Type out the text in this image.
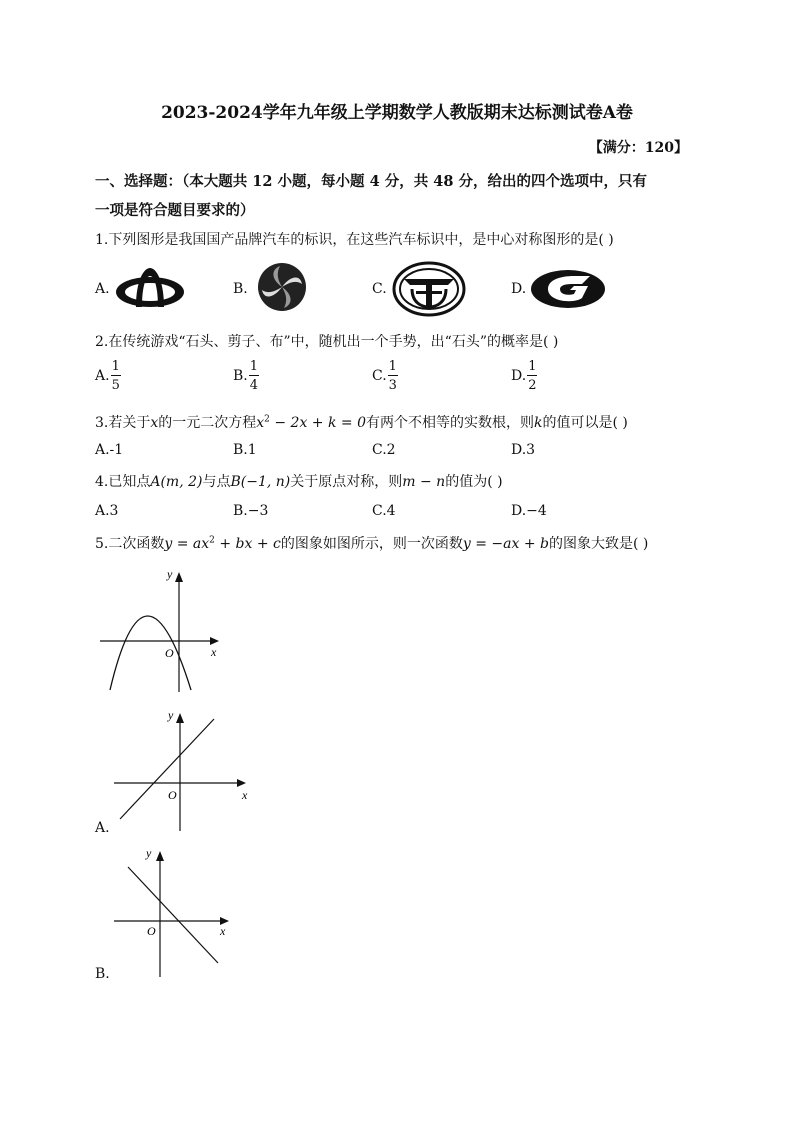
2023-2024学年九年级上学期数学人教版期末达标测试卷A卷
【满分：120】
一、选择题：（本大题共 12 小题，每小题 4 分，共 48 分，给出的四个选项中，只有
一项是符合题目要求的）
1.下列图形是我国国产品牌汽车的标识，在这些汽车标识中，是中心对称图形的是( )
A.	B.	C.	D.
2.在传统游戏“石头、剪子、布”中，随机出一个手势，出“石头”的概率是( )
A. $\frac{1}{5}$	B. $\frac{1}{4}$	C. $\frac{1}{3}$	D. $\frac{1}{2}$
3.若关于x的一元二次方程$x^2 - 2x + k = 0$有两个不相等的实数根，则k的值可以是( )
A.-1	B.1	C.2	D.3
4.已知点A(m, 2)与点B(−1, n)关于原点对称，则m − n的值为( )
A.3	B.−3	C.4	D.−4
5.二次函数$y = ax^2$ + bx + c的图象如图所示，则一次函数y = −ax + b的图象大致是( )
O	x
y
O	x
y
A.
O	x
y
B.
